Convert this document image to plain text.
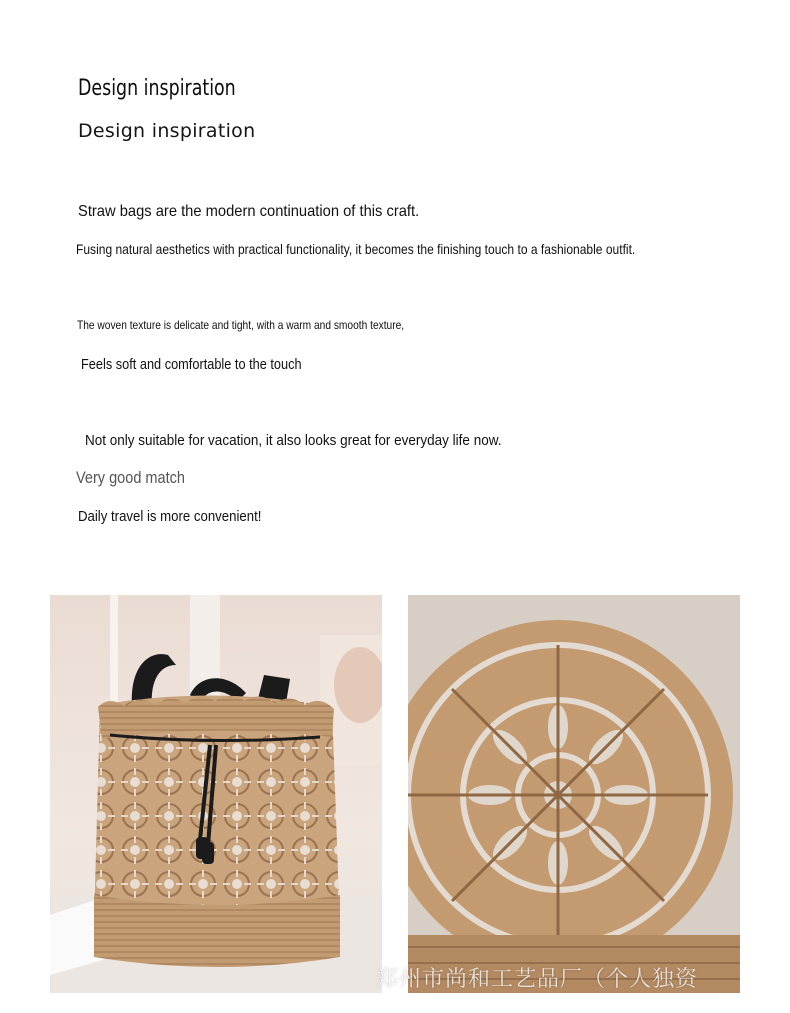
Design inspiration
Design inspiration
Straw bags are the modern continuation of this craft.
Fusing natural aesthetics with practical functionality, it becomes the finishing touch to a fashionable outfit.
The woven texture is delicate and tight, with a warm and smooth texture,
Feels soft and comfortable to the touch
Not only suitable for vacation, it also looks great for everyday life now.
Very good match
Daily travel is more convenient!
郑州市尚和工艺品厂（个人独资
